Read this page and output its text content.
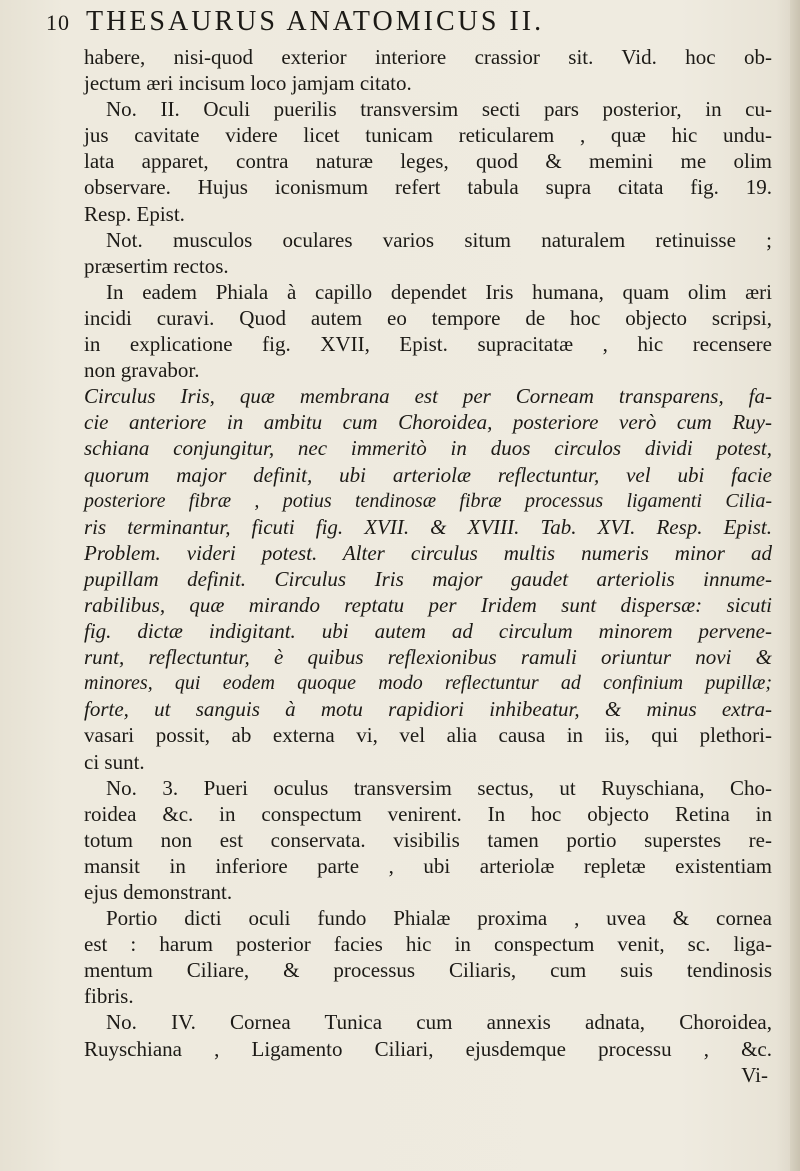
10 THESAURUS ANATOMICUS II.
habere, nisi-quod exterior interiore crassior sit. Vid. hoc ob-
jectum æri incisum loco jamjam citato.
No. II. Oculi puerilis transversim secti pars posterior, in cu-
jus cavitate videre licet tunicam reticularem , quæ hic undu-
lata apparet, contra naturæ leges, quod & memini me olim
observare. Hujus iconismum refert tabula supra citata fig. 19.
Resp. Epist.
Not. musculos oculares varios situm naturalem retinuisse ;
præsertim rectos.
In eadem Phiala à capillo dependet Iris humana, quam olim æri
incidi curavi. Quod autem eo tempore de hoc objecto scripsi,
in explicatione fig. XVII, Epist. supracitatæ , hic recensere
non gravabor.
Circulus Iris, quæ membrana est per Corneam transparens, fa-
cie anteriore in ambitu cum Choroidea, posteriore verò cum Ruy-
schiana conjungitur, nec immeritò in duos circulos dividi potest,
quorum major definit, ubi arteriolæ reflectuntur, vel ubi facie
posteriore fibræ , potius tendinosæ fibræ processus ligamenti Cilia-
ris terminantur, ficuti fig. XVII. & XVIII. Tab. XVI. Resp. Epist.
Problem. videri potest. Alter circulus multis numeris minor ad
pupillam definit. Circulus Iris major gaudet arteriolis innume-
rabilibus, quæ mirando reptatu per Iridem sunt dispersæ: sicuti
fig. dictæ indigitant. ubi autem ad circulum minorem pervene-
runt, reflectuntur, è quibus reflexionibus ramuli oriuntur novi &
minores, qui eodem quoque modo reflectuntur ad confinium pupillæ;
forte, ut sanguis à motu rapidiori inhibeatur, & minus extra-
vasari possit, ab externa vi, vel alia causa in iis, qui plethori-
ci sunt.
No. 3. Pueri oculus transversim sectus, ut Ruyschiana, Cho-
roidea &c. in conspectum venirent. In hoc objecto Retina in
totum non est conservata. visibilis tamen portio superstes re-
mansit in inferiore parte , ubi arteriolæ repletæ existentiam
ejus demonstrant.
Portio dicti oculi fundo Phialæ proxima , uvea & cornea
est : harum posterior facies hic in conspectum venit, sc. liga-
mentum Ciliare, & processus Ciliaris, cum suis tendinosis
fibris.
No. IV. Cornea Tunica cum annexis adnata, Choroidea,
Ruyschiana , Ligamento Ciliari, ejusdemque processu , &c.
Vi-
